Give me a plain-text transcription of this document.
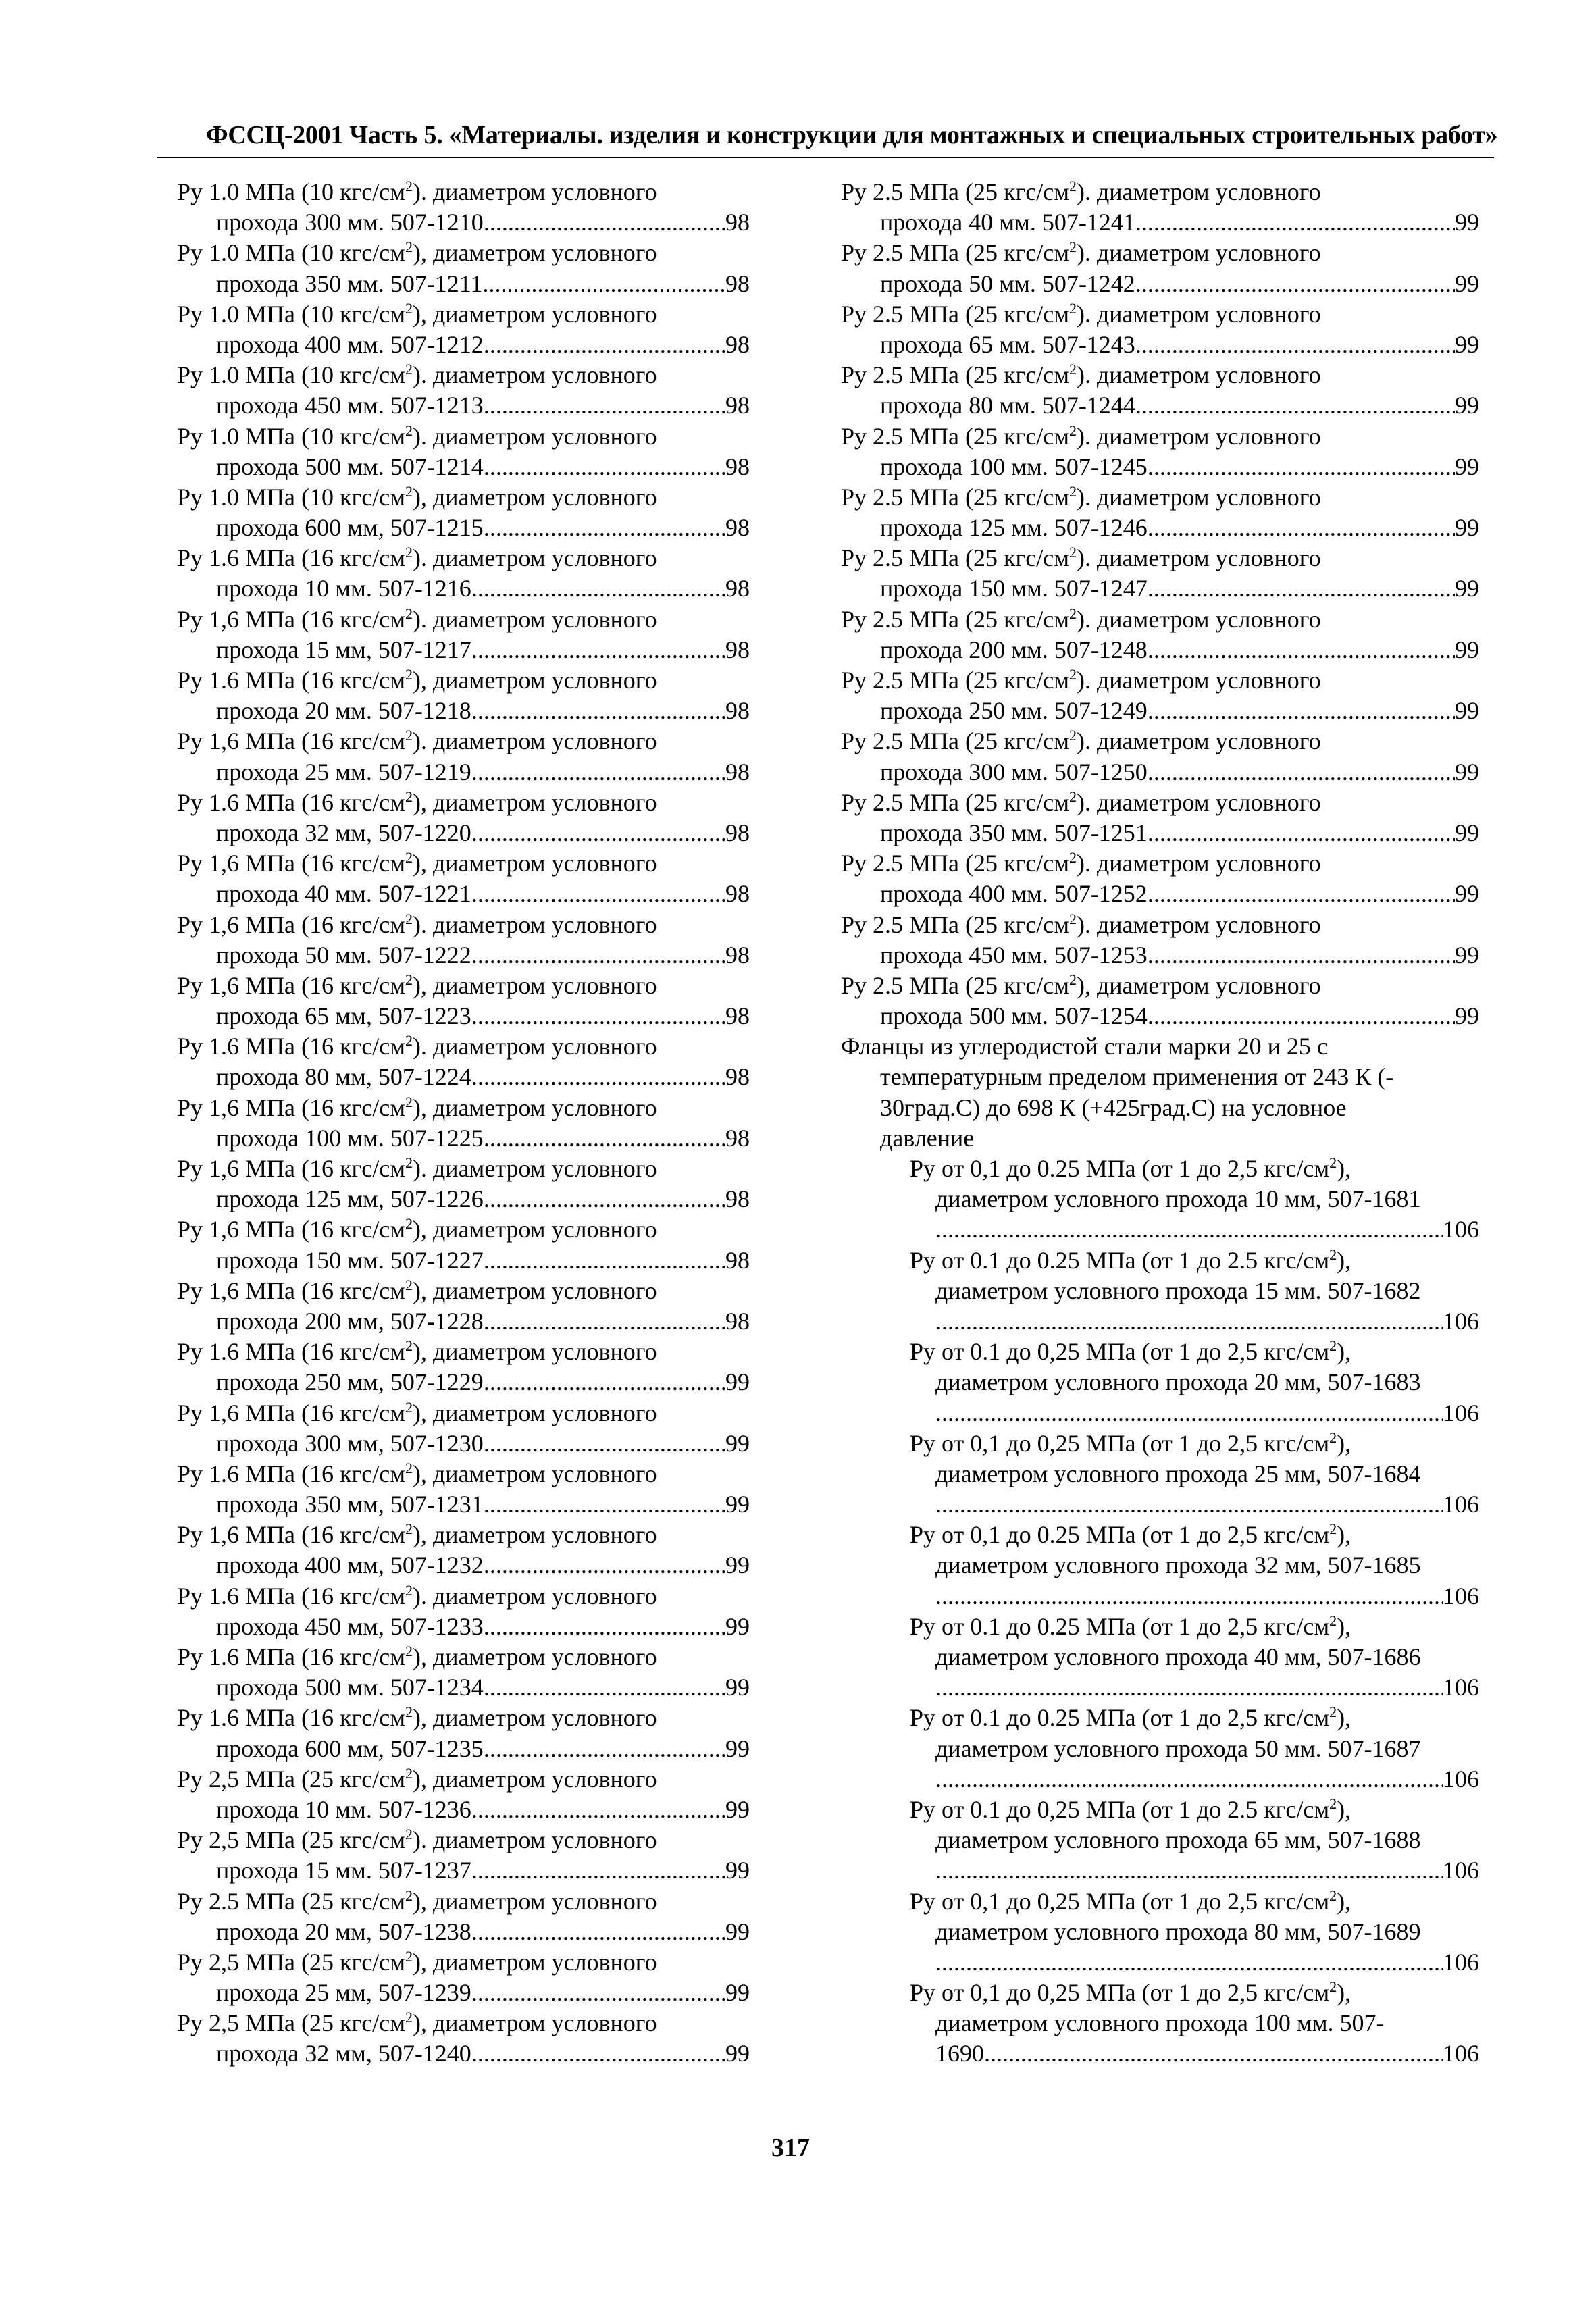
ФССЦ-2001 Часть 5. «Материалы. изделия и конструкции для монтажных и специальных строительных работ»
Ру 1.0 МПа (10 кгс/$см^2$). диаметром условного
прохода 300 мм. 507-1210 .....	98
Ру 1.0 МПа (10 кгс/$см^2$), диаметром условного
прохода 350 мм. 507-1211 .....	98
Ру 1.0 МПа (10 кгс/$см^2$), диаметром условного
прохода 400 мм. 507-1212 .....	98
Ру 1.0 МПа (10 кгс/$см^2$). диаметром условного
прохода 450 мм. 507-1213 .....	98
Ру 1.0 МПа (10 кгс/$см^2$). диаметром условного
прохода 500 мм. 507-1214 .....	98
Ру 1.0 МПа (10 кгс/$см^2$), диаметром условного
прохода 600 мм, 507-1215 .....	98
Ру 1.6 МПа (16 кгс/$см^2$). диаметром условного
прохода 10 мм. 507-1216 .....	98
Ру 1,6 МПа (16 кгс/$см^2$). диаметром условного
прохода 15 мм, 507-1217 .....	98
Ру 1.6 МПа (16 кгс/$см^2$), диаметром условного
прохода 20 мм. 507-1218 .....	98
Ру 1,6 МПа (16 кгс/$см^2$). диаметром условного
прохода 25 мм. 507-1219 .....	98
Ру 1.6 МПа (16 кгс/$см^2$), диаметром условного
прохода 32 мм, 507-1220 .....	98
Ру 1,6 МПа (16 кгс/$см^2$), диаметром условного
прохода 40 мм. 507-1221 .....	98
Ру 1,6 МПа (16 кгс/$см^2$). диаметром условного
прохода 50 мм. 507-1222 .....	98
Ру 1,6 МПа (16 кгс/$см^2$), диаметром условного
прохода 65 мм, 507-1223 .....	98
Ру 1.6 МПа (16 кгс/$см^2$). диаметром условного
прохода 80 мм, 507-1224 .....	98
Ру 1,6 МПа (16 кгс/$см^2$), диаметром условного
прохода 100 мм. 507-1225 .....	98
Ру 1,6 МПа (16 кгс/$см^2$). диаметром условного
прохода 125 мм, 507-1226 .....	98
Ру 1,6 МПа (16 кгс/$см^2$), диаметром условного
прохода 150 мм. 507-1227 .....	98
Ру 1,6 МПа (16 кгс/$см^2$), диаметром условного
прохода 200 мм, 507-1228 .....	98
Ру 1.6 МПа (16 кгс/$см^2$), диаметром условного
прохода 250 мм, 507-1229 .....	99
Ру 1,6 МПа (16 кгс/$см^2$), диаметром условного
прохода 300 мм, 507-1230 .....	99
Ру 1.6 МПа (16 кгс/$см^2$), диаметром условного
прохода 350 мм, 507-1231 .....	99
Ру 1,6 МПа (16 кгс/$см^2$), диаметром условного
прохода 400 мм, 507-1232 .....	99
Ру 1.6 МПа (16 кгс/$см^2$). диаметром условного
прохода 450 мм, 507-1233 .....	99
Ру 1.6 МПа (16 кгс/$см^2$), диаметром условного
прохода 500 мм. 507-1234 .....	99
Ру 1.6 МПа (16 кгс/$см^2$), диаметром условного
прохода 600 мм, 507-1235 .....	99
Ру 2,5 МПа (25 кгс/$см^2$), диаметром условного
прохода 10 мм. 507-1236 .....	99
Ру 2,5 МПа (25 кгс/$см^2$). диаметром условного
прохода 15 мм. 507-1237 .....	99
Ру 2.5 МПа (25 кгс/$см^2$), диаметром условного
прохода 20 мм, 507-1238 .....	99
Ру 2,5 МПа (25 кгс/$см^2$), диаметром условного
прохода 25 мм, 507-1239 .....	99
Ру 2,5 МПа (25 кгс/$см^2$), диаметром условного
прохода 32 мм, 507-1240 .....	99
Ру 2.5 МПа (25 кгс/$см^2$). диаметром условного
прохода 40 мм. 507-1241 .....	99
Ру 2.5 МПа (25 кгс/$см^2$). диаметром условного
прохода 50 мм. 507-1242 .....	99
Ру 2.5 МПа (25 кгс/$см^2$). диаметром условного
прохода 65 мм. 507-1243 .....	99
Ру 2.5 МПа (25 кгс/$см^2$). диаметром условного
прохода 80 мм. 507-1244 .....	99
Ру 2.5 МПа (25 кгс/$см^2$). диаметром условного
прохода 100 мм. 507-1245 .....	99
Ру 2.5 МПа (25 кгс/$см^2$). диаметром условного
прохода 125 мм. 507-1246 .....	99
Ру 2.5 МПа (25 кгс/$см^2$). диаметром условного
прохода 150 мм. 507-1247 .....	99
Ру 2.5 МПа (25 кгс/$см^2$). диаметром условного
прохода 200 мм. 507-1248 .....	99
Ру 2.5 МПа (25 кгс/$см^2$). диаметром условного
прохода 250 мм. 507-1249 .....	99
Ру 2.5 МПа (25 кгс/$см^2$). диаметром условного
прохода 300 мм. 507-1250 .....	99
Ру 2.5 МПа (25 кгс/$см^2$). диаметром условного
прохода 350 мм. 507-1251 .....	99
Ру 2.5 МПа (25 кгс/$см^2$). диаметром условного
прохода 400 мм. 507-1252 .....	99
Ру 2.5 МПа (25 кгс/$см^2$). диаметром условного
прохода 450 мм. 507-1253 .....	99
Ру 2.5 МПа (25 кгс/$см^2$), диаметром условного
прохода 500 мм. 507-1254 .....	99
Фланцы из углеродистой стали марки 20 и 25 с
температурным пределом применения от 243 К (-
30град.С) до 698 К (+425град.С) на условное
давление
Ру от 0,1 до 0.25 МПа (от 1 до 2,5 кгс/$см^2$),
диаметром условного прохода 10 мм, 507-1681
.....
106
Ру от 0.1 до 0.25 МПа (от 1 до 2.5 кгс/$см^2$),
диаметром условного прохода 15 мм. 507-1682
.....
106
Ру от 0.1 до 0,25 МПа (от 1 до 2,5 кгс/$см^2$),
диаметром условного прохода 20 мм, 507-1683
.....
106
Ру от 0,1 до 0,25 МПа (от 1 до 2,5 кгс/$см^2$),
диаметром условного прохода 25 мм, 507-1684
.....
106
Ру от 0,1 до 0.25 МПа (от 1 до 2,5 кгс/$см^2$),
диаметром условного прохода 32 мм, 507-1685
.....
106
Ру от 0.1 до 0.25 МПа (от 1 до 2,5 кгс/$см^2$),
диаметром условного прохода 40 мм, 507-1686
.....
106
Ру от 0.1 до 0.25 МПа (от 1 до 2,5 кгс/$см^2$),
диаметром условного прохода 50 мм. 507-1687
.....
106
Ру от 0.1 до 0,25 МПа (от 1 до 2.5 кгс/$см^2$),
диаметром условного прохода 65 мм, 507-1688
.....
106
Ру от 0,1 до 0,25 МПа (от 1 до 2,5 кгс/$см^2$),
диаметром условного прохода 80 мм, 507-1689
.....
106
Ру от 0,1 до 0,25 МПа (от 1 до 2,5 кгс/$см^2$),
диаметром условного прохода 100 мм. 507-
1690 .....	106
317
